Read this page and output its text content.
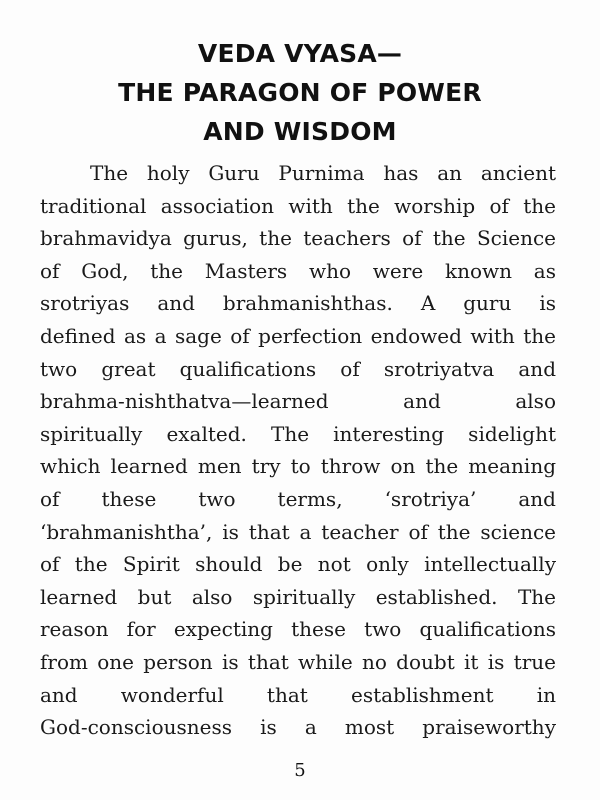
VEDA VYASA—
THE PARAGON OF POWER
AND WISDOM
The holy Guru Purnima has an ancient
traditional association with the worship of the
brahmavidya gurus, the teachers of the Science
of God, the Masters who were known as
srotriyas and brahmanishthas. A guru is
defined as a sage of perfection endowed with the
two great qualifications of srotriyatva and
brahma-nishthatva—learned and also
spiritually exalted. The interesting sidelight
which learned men try to throw on the meaning
of these two terms, ‘srotriya’ and
‘brahmanishtha’, is that a teacher of the science
of the Spirit should be not only intellectually
learned but also spiritually established. The
reason for expecting these two qualifications
from one person is that while no doubt it is true
and wonderful that establishment in
God-consciousness is a most praiseworthy
5
